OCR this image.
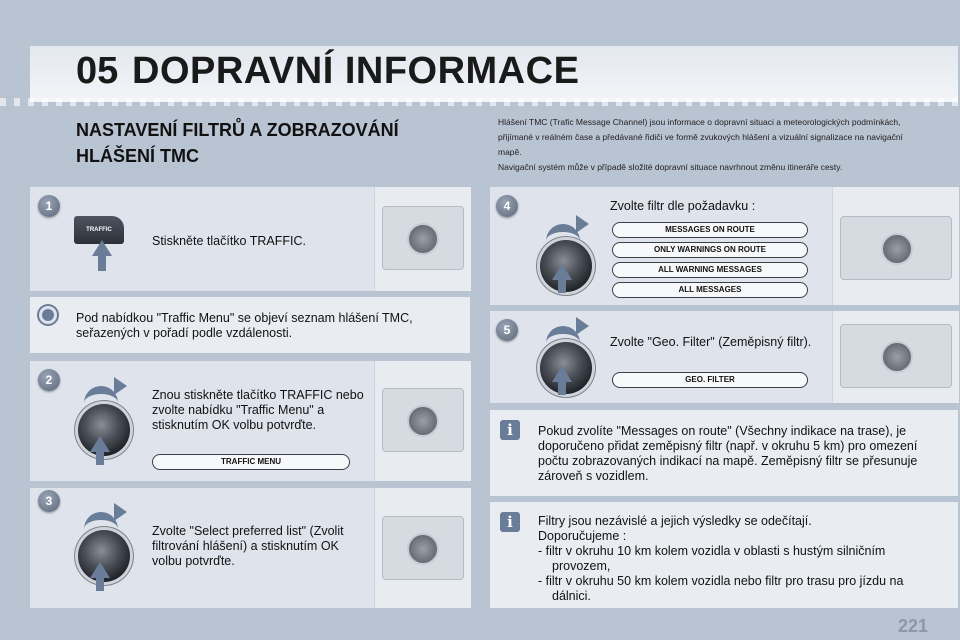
05 DOPRAVNÍ INFORMACE
NASTAVENÍ FILTRŮ A ZOBRAZOVÁNÍ
HLÁŠENÍ TMC
Hlášení TMC (Trafic Message Channel) jsou informace o dopravní situaci a meteorologických podmínkách, přijímané v reálném čase a předávané řidiči ve formě zvukových hlášení a vizuální signalizace na navigační mapě.
Navigační systém může v případě složité dopravní situace navrhnout změnu itineráře cesty.
1
TRAFFIC
Stiskněte tlačítko TRAFFIC.
Pod nabídkou "Traffic Menu" se objeví seznam hlášení TMC, seřazených v pořadí podle vzdálenosti.
2
Znou stiskněte tlačítko TRAFFIC nebo zvolte nabídku "Traffic Menu" a stisknutím OK volbu potvrďte.
TRAFFIC MENU
3
Zvolte "Select preferred list" (Zvolit filtrování hlášení) a stisknutím OK volbu potvrďte.
4	Zvolte filtr dle požadavku :
MESSAGES ON ROUTE
ONLY WARNINGS ON ROUTE
ALL WARNING MESSAGES
ALL MESSAGES
5
Zvolte "Geo. Filter" (Zeměpisný filtr).
GEO. FILTER
i	Pokud zvolíte "Messages on route" (Všechny indikace na trase), je doporučeno přidat zeměpisný filtr (např. v okruhu 5 km) pro omezení počtu zobrazovaných indikací na mapě. Zeměpisný filtr se přesunuje zároveň s vozidlem.
i	Filtry jsou nezávislé a jejich výsledky se odečítají.
Doporučujeme :
- filtr v okruhu 10 km kolem vozidla v oblasti s hustým silničním provozem,
- filtr v okruhu 50 km kolem vozidla nebo filtr pro trasu pro jízdu na dálnici.
221
